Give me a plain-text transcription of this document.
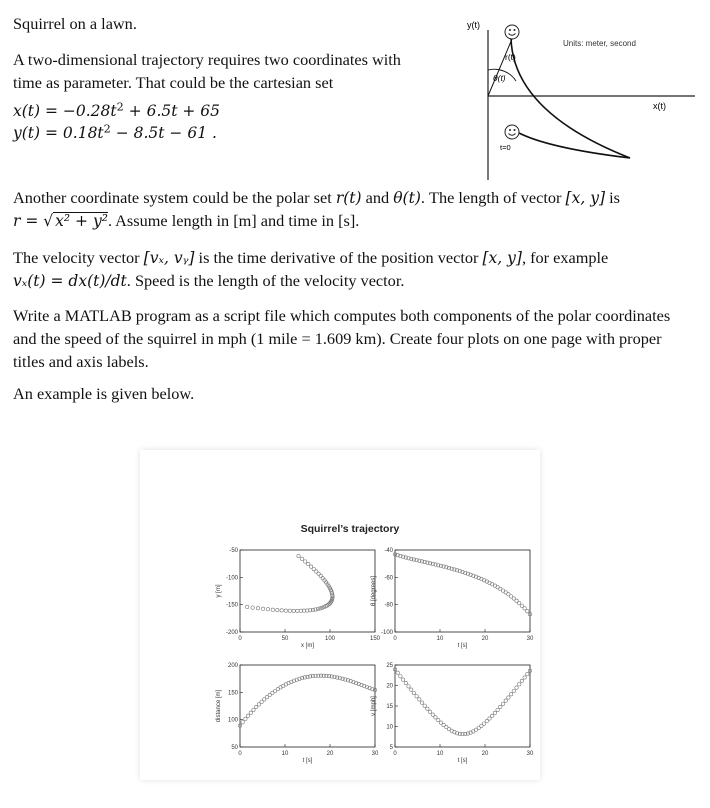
Squirrel on a lawn.

A two-dimensional trajectory requires two coordinates with time as parameter. That could be the cartesian set

$x(t) = -0.28t^2 + 6.5t + 65$

$y(t) = 0.18t^2 - 8.5t - 61$ .

y(t)
x(t)
Units: meter, second
r(t)
θ(t)
t=0

Another coordinate system could be the polar set r(t) and θ(t). The length of vector [x, y] is
r = √ x² + y². Assume length in [m] and time in [s].

The velocity vector [vₓ, vᵧ] is the time derivative of the position vector [x, y], for example
vₓ(t) = dx(t)/dt. Speed is the length of the velocity vector.

Write a MATLAB program as a script file which computes both components of the polar coordinates and the speed of the squirrel in mph (1 mile = 1.609 km). Create four plots on one page with proper titles and axis labels.

An example is given below.

Squirrel’s trajectory
0	50	100	150
-200
-150
-100
-50
x [m]
y [m]
0	10	20	30
-100
-80
-60
-40
t [s]
θ [degrees]
0	10	20	30
50
100
150
200
t [s]
distance [m]
0	10	20	30
5
10
15
20
25
t [s]
v [mph]
